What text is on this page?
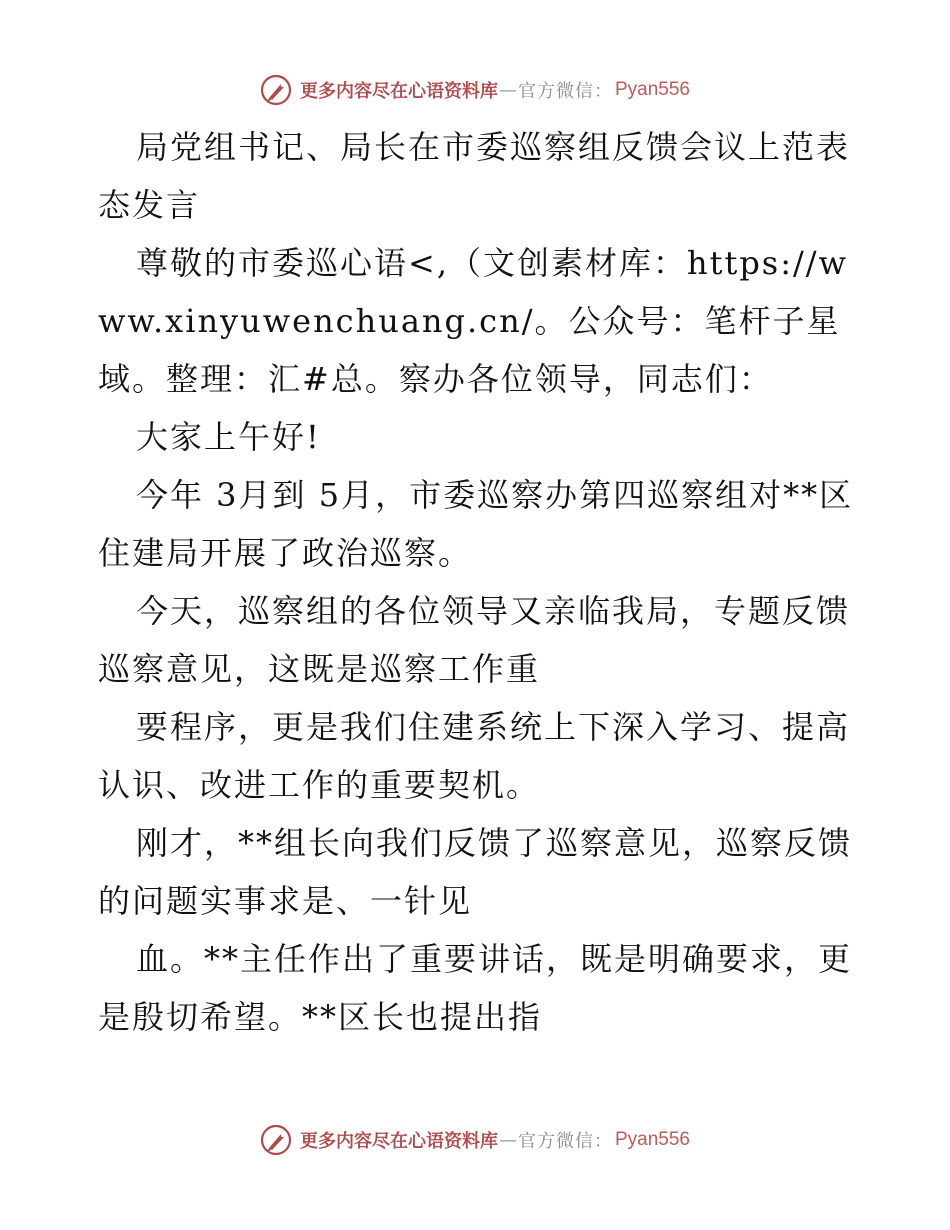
更多内容尽在心语资料库 — 官方微信： Pyan556

局党组书记、局长在市委巡察组反馈会议上范表态发言

尊敬的市委巡心语<,（文创素材库：https://www.xinyuwenchuang.cn/。公众号：笔杆子星域。整理：汇#总。察办各位领导，同志们：

大家上午好!

今年 3月到 5月，市委巡察办第四巡察组对**区住建局开展了政治巡察。

今天，巡察组的各位领导又亲临我局，专题反馈巡察意见，这既是巡察工作重

要程序，更是我们住建系统上下深入学习、提高认识、改进工作的重要契机。

刚才，**组长向我们反馈了巡察意见，巡察反馈的问题实事求是、一针见

血。**主任作出了重要讲话，既是明确要求，更是殷切希望。**区长也提出指

更多内容尽在心语资料库 — 官方微信： Pyan556
